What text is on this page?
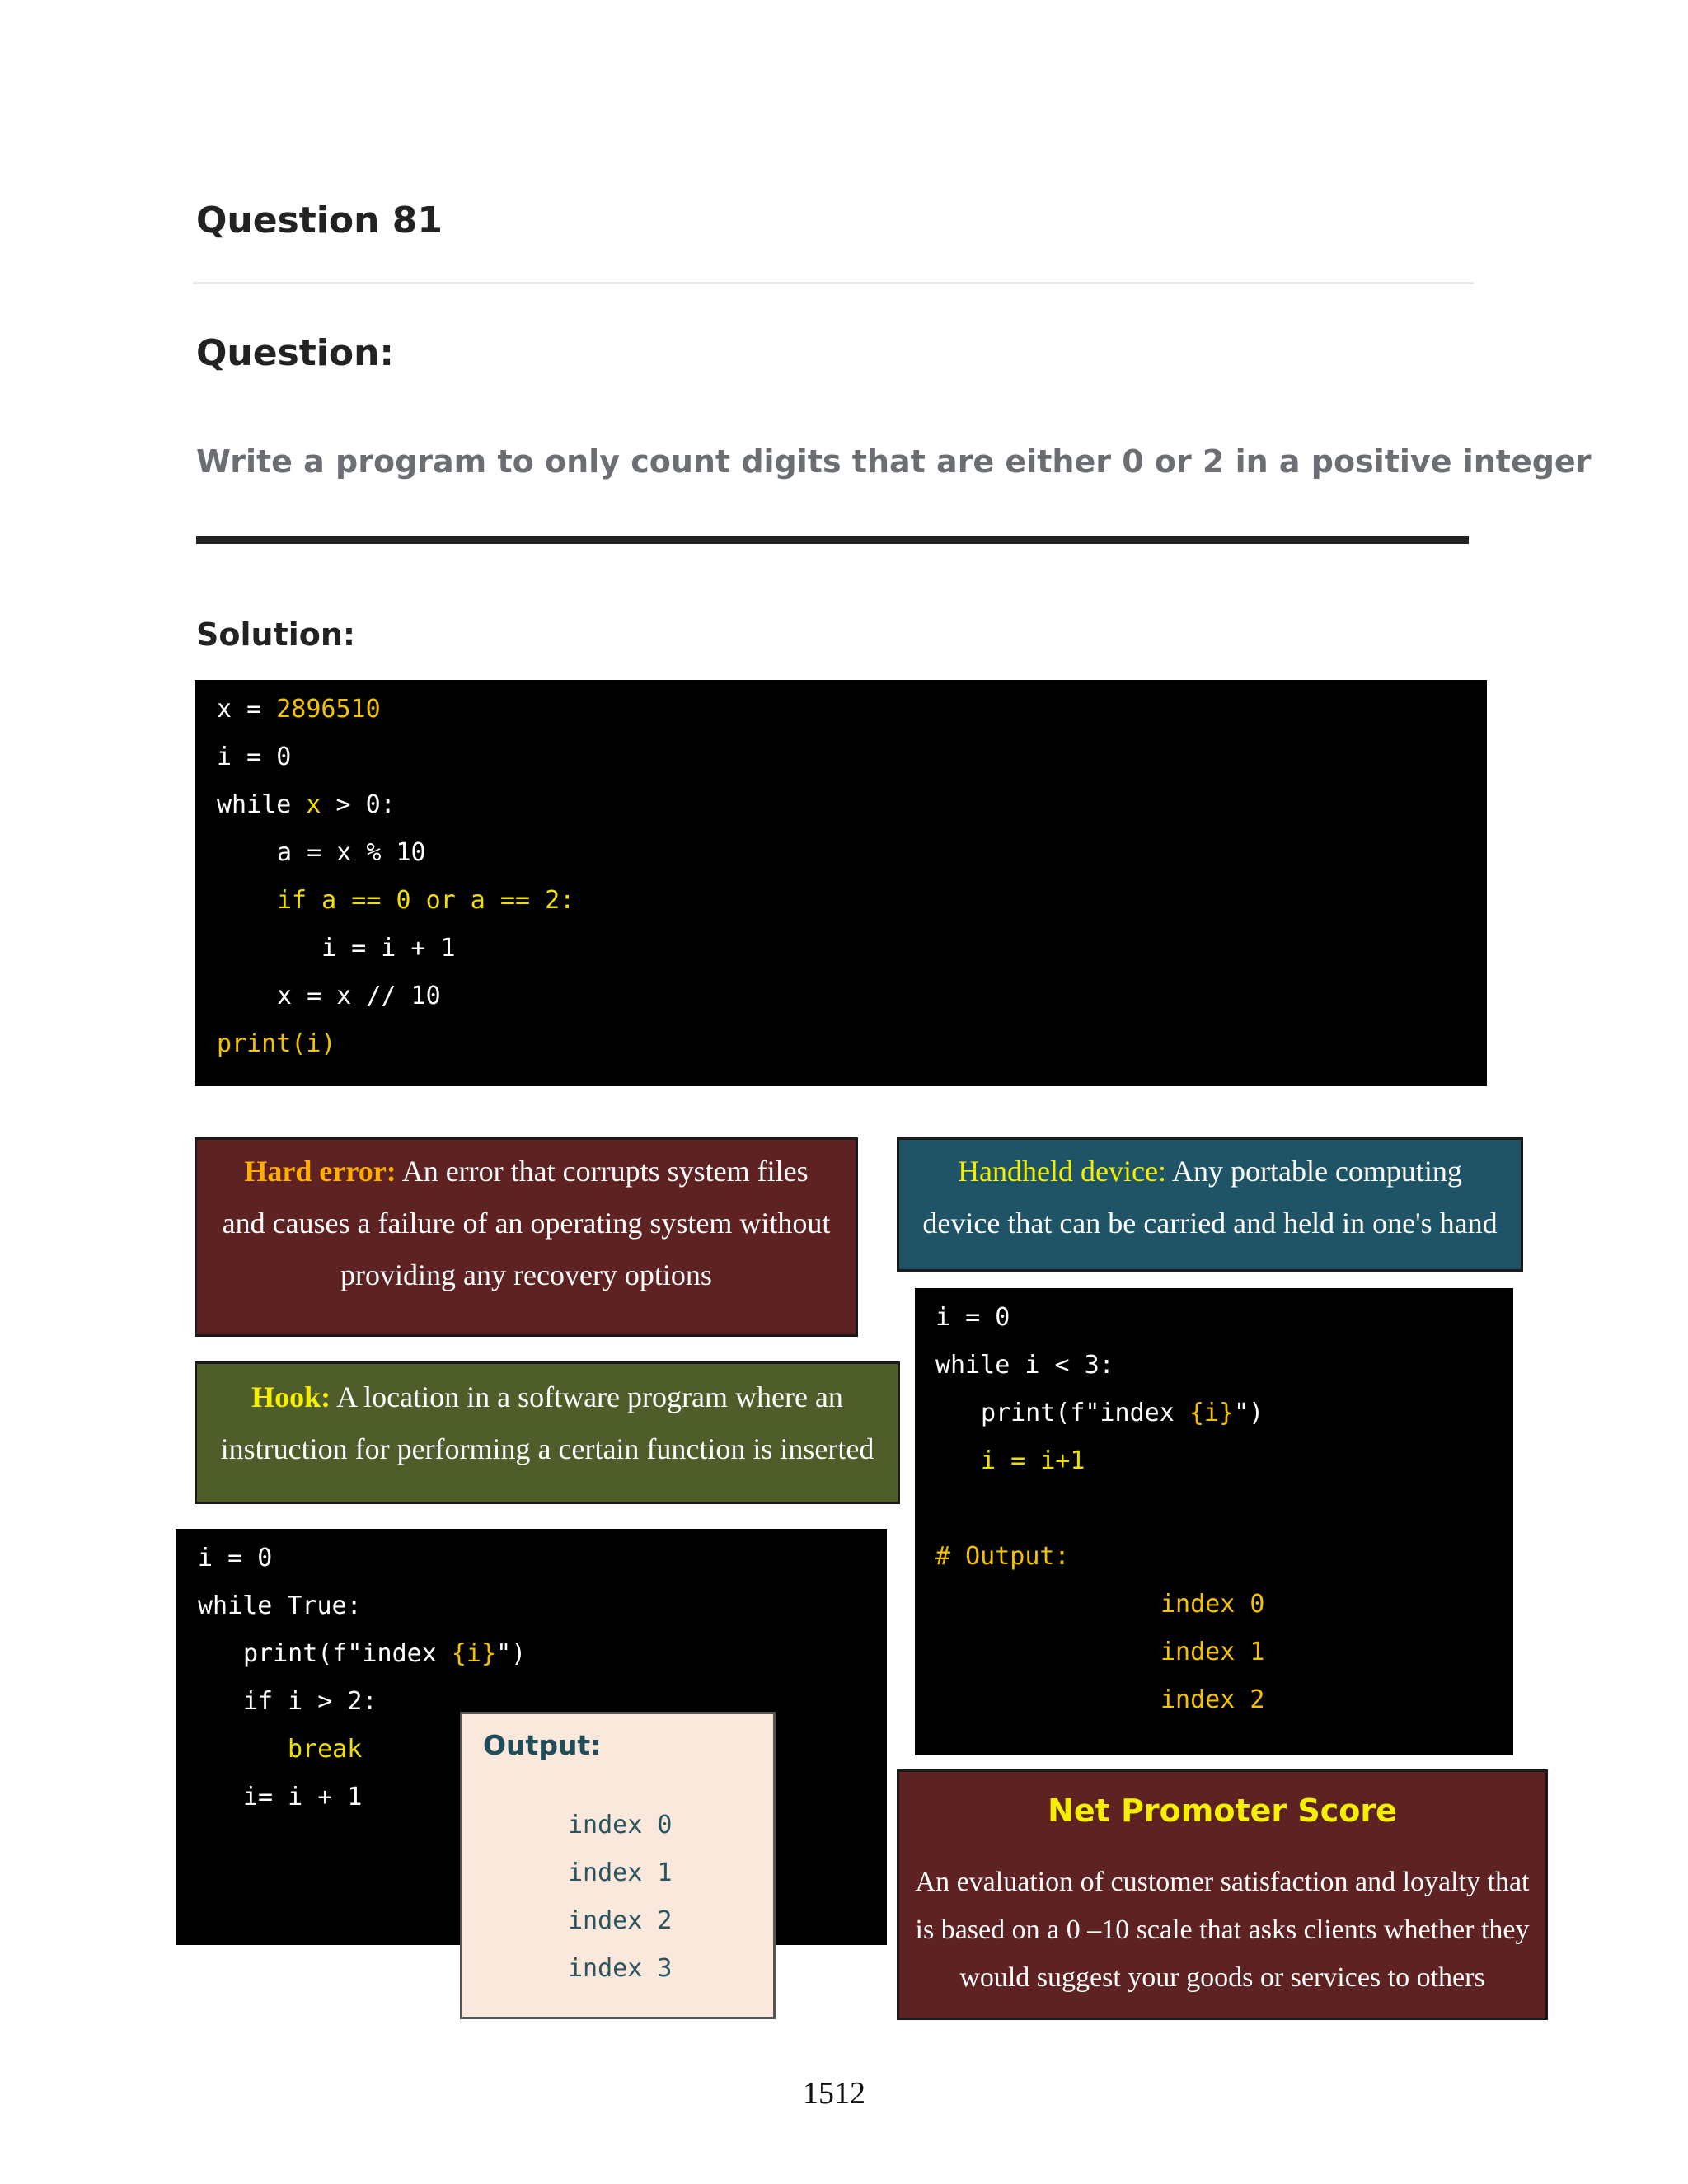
Question 81
Question:
Write a program to only count digits that are either 0 or 2 in a positive integer
Solution:
x = 2896510
i = 0
while x > 0:
a = x % 10
if a == 0 or a == 2:
i = i + 1
x = x // 10
print(i)
Hard error: An error that corrupts system files
and causes a failure of an operating system without
providing any recovery options
Handheld device: Any portable computing
device that can be carried and held in one's hand
Hook: A location in a software program where an
instruction for performing a certain function is inserted
i = 0
while i < 3:
print(f"index {i}")
i = i+1
# Output:
index 0
index 1
index 2
i = 0
while True:
print(f"index {i}")
if i > 2:
break
i= i + 1
Output:
index 0
index 1
index 2
index 3
Net Promoter Score
An evaluation of customer satisfaction and loyalty that
is based on a 0 –10 scale that asks clients whether they
would suggest your goods or services to others
1512
